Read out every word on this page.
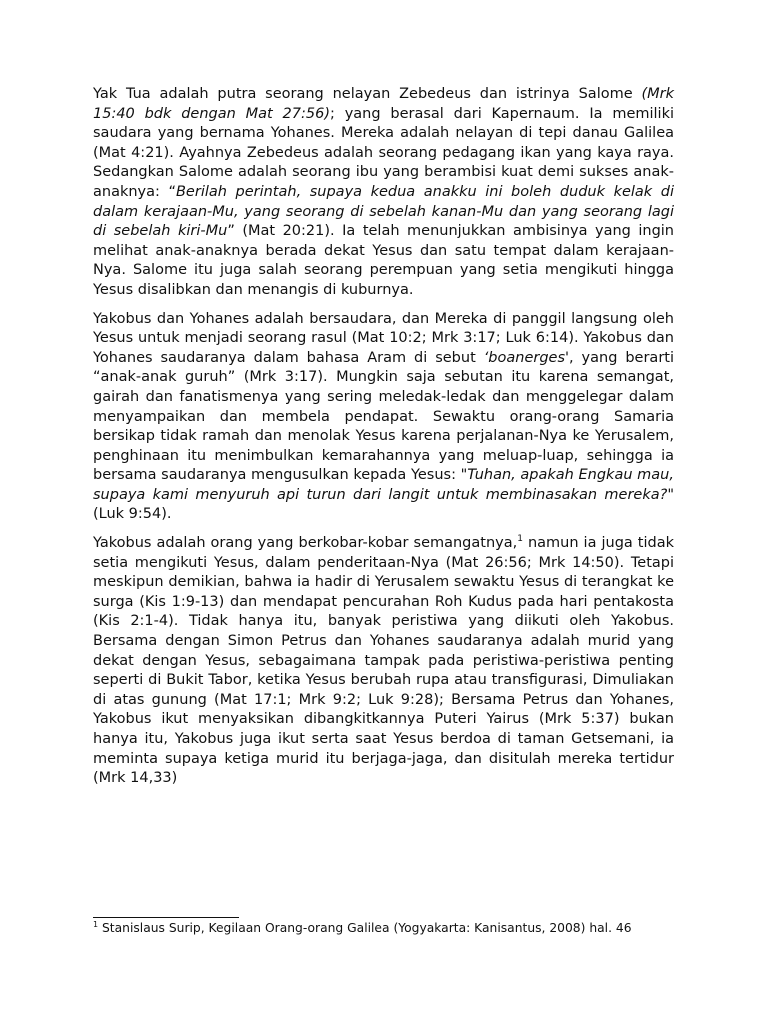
Yak Tua adalah putra seorang nelayan Zebedeus dan istrinya Salome (Mrk 15:40 bdk dengan Mat 27:56); yang berasal dari Kapernaum. Ia memiliki saudara yang bernama Yohanes. Mereka adalah nelayan di tepi danau Galilea (Mat 4:21). Ayahnya Zebedeus adalah seorang pedagang ikan yang kaya raya. Sedangkan Salome adalah seorang ibu yang berambisi kuat demi sukses anak-anaknya: “Berilah perintah, supaya kedua anakku ini boleh duduk kelak di dalam kerajaan-Mu, yang seorang di sebelah kanan-Mu dan yang seorang lagi di sebelah kiri-Mu” (Mat 20:21). Ia telah menunjukkan ambisinya yang ingin melihat anak-anaknya berada dekat Yesus dan satu tempat dalam kerajaan-Nya. Salome itu juga salah seorang perempuan yang setia mengikuti hingga Yesus disalibkan dan menangis di kuburnya.

Yakobus dan Yohanes adalah bersaudara, dan Mereka di panggil langsung oleh Yesus untuk menjadi seorang rasul (Mat 10:2; Mrk 3:17; Luk 6:14). Yakobus dan Yohanes saudaranya dalam bahasa Aram di sebut ‘boanerges', yang berarti “anak-anak guruh” (Mrk 3:17). Mungkin saja sebutan itu karena semangat, gairah dan fanatismenya yang sering meledak-ledak dan menggelegar dalam menyampaikan dan membela pendapat. Sewaktu orang-orang Samaria bersikap tidak ramah dan menolak Yesus karena perjalanan-Nya ke Yerusalem, penghinaan itu menimbulkan kemarahannya yang meluap-luap, sehingga ia bersama saudaranya mengusulkan kepada Yesus: "Tuhan, apakah Engkau mau, supaya kami menyuruh api turun dari langit untuk membinasakan mereka?" (Luk 9:54).

Yakobus adalah orang yang berkobar-kobar semangatnya,$^1$ namun ia juga tidak setia mengikuti Yesus, dalam penderitaan-Nya (Mat 26:56; Mrk 14:50). Tetapi meskipun demikian, bahwa ia hadir di Yerusalem sewaktu Yesus di terangkat ke surga (Kis 1:9-13) dan mendapat pencurahan Roh Kudus pada hari pentakosta (Kis 2:1-4). Tidak hanya itu, banyak peristiwa yang diikuti oleh Yakobus. Bersama dengan Simon Petrus dan Yohanes saudaranya adalah murid yang dekat dengan Yesus, sebagaimana tampak pada peristiwa-peristiwa penting seperti di Bukit Tabor, ketika Yesus berubah rupa atau transfigurasi, Dimuliakan di atas gunung (Mat 17:1; Mrk 9:2; Luk 9:28); Bersama Petrus dan Yohanes, Yakobus ikut menyaksikan dibangkitkannya Puteri Yairus (Mrk 5:37) bukan hanya itu, Yakobus juga ikut serta saat Yesus berdoa di taman Getsemani, ia meminta supaya ketiga murid itu berjaga-jaga, dan disitulah mereka tertidur (Mrk 14,33)

$^1$ Stanislaus Surip, Kegilaan Orang-orang Galilea (Yogyakarta: Kanisantus, 2008) hal. 46
